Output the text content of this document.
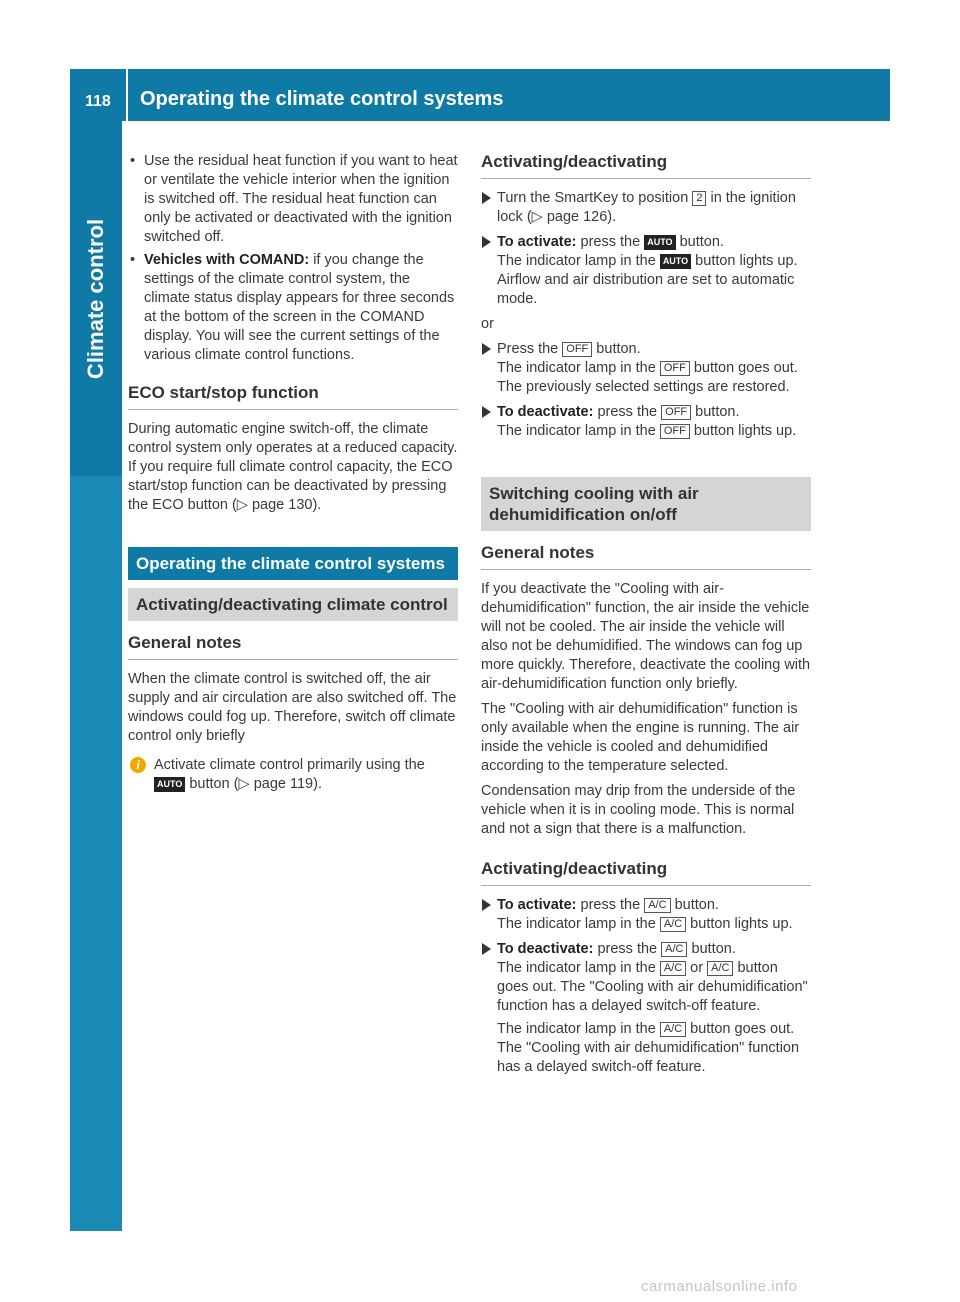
118 Operating the climate control systems
Climate control
• Use the residual heat function if you want to heat or ventilate the vehicle interior when the ignition is switched off. The residual heat function can only be activated or deactivated with the ignition switched off.
• Vehicles with COMAND: if you change the settings of the climate control system, the climate status display appears for three seconds at the bottom of the screen in the COMAND display. You will see the current settings of the various climate control functions.
ECO start/stop function

During automatic engine switch-off, the climate control system only operates at a reduced capacity. If you require full climate control capacity, the ECO start/stop function can be deactivated by pressing the ECO button (▷ page 130).

Operating the climate control systems
Activating/deactivating climate control
General notes

When the climate control is switched off, the air supply and air circulation are also switched off. The windows could fog up. Therefore, switch off climate control only briefly

i Activate climate control primarily using the AUTO button (▷ page 119).
Activating/deactivating
Turn the SmartKey to position 2 in the ignition lock (▷ page 126).
To activate: press the AUTO button.
The indicator lamp in the AUTO button lights up. Airflow and air distribution are set to automatic mode.

or

Press the OFF button.
The indicator lamp in the OFF button goes out. The previously selected settings are restored.
To deactivate: press the OFF button.
The indicator lamp in the OFF button lights up.
Switching cooling with air dehumidification on/off
General notes

If you deactivate the "Cooling with air-dehumidification" function, the air inside the vehicle will not be cooled. The air inside the vehicle will also not be dehumidified. The windows can fog up more quickly. Therefore, deactivate the cooling with air-dehumidification function only briefly.

The "Cooling with air dehumidification" function is only available when the engine is running. The air inside the vehicle is cooled and dehumidified according to the temperature selected.

Condensation may drip from the underside of the vehicle when it is in cooling mode. This is normal and not a sign that there is a malfunction.

Activating/deactivating
To activate: press the A/C button.
The indicator lamp in the A/C button lights up.
To deactivate: press the A/C button.
The indicator lamp in the A/C or A/C button goes out. The "Cooling with air dehumidification" function has a delayed switch-off feature.
The indicator lamp in the A/C button goes out. The "Cooling with air dehumidification" function has a delayed switch-off feature.
carmanualsonline.info
